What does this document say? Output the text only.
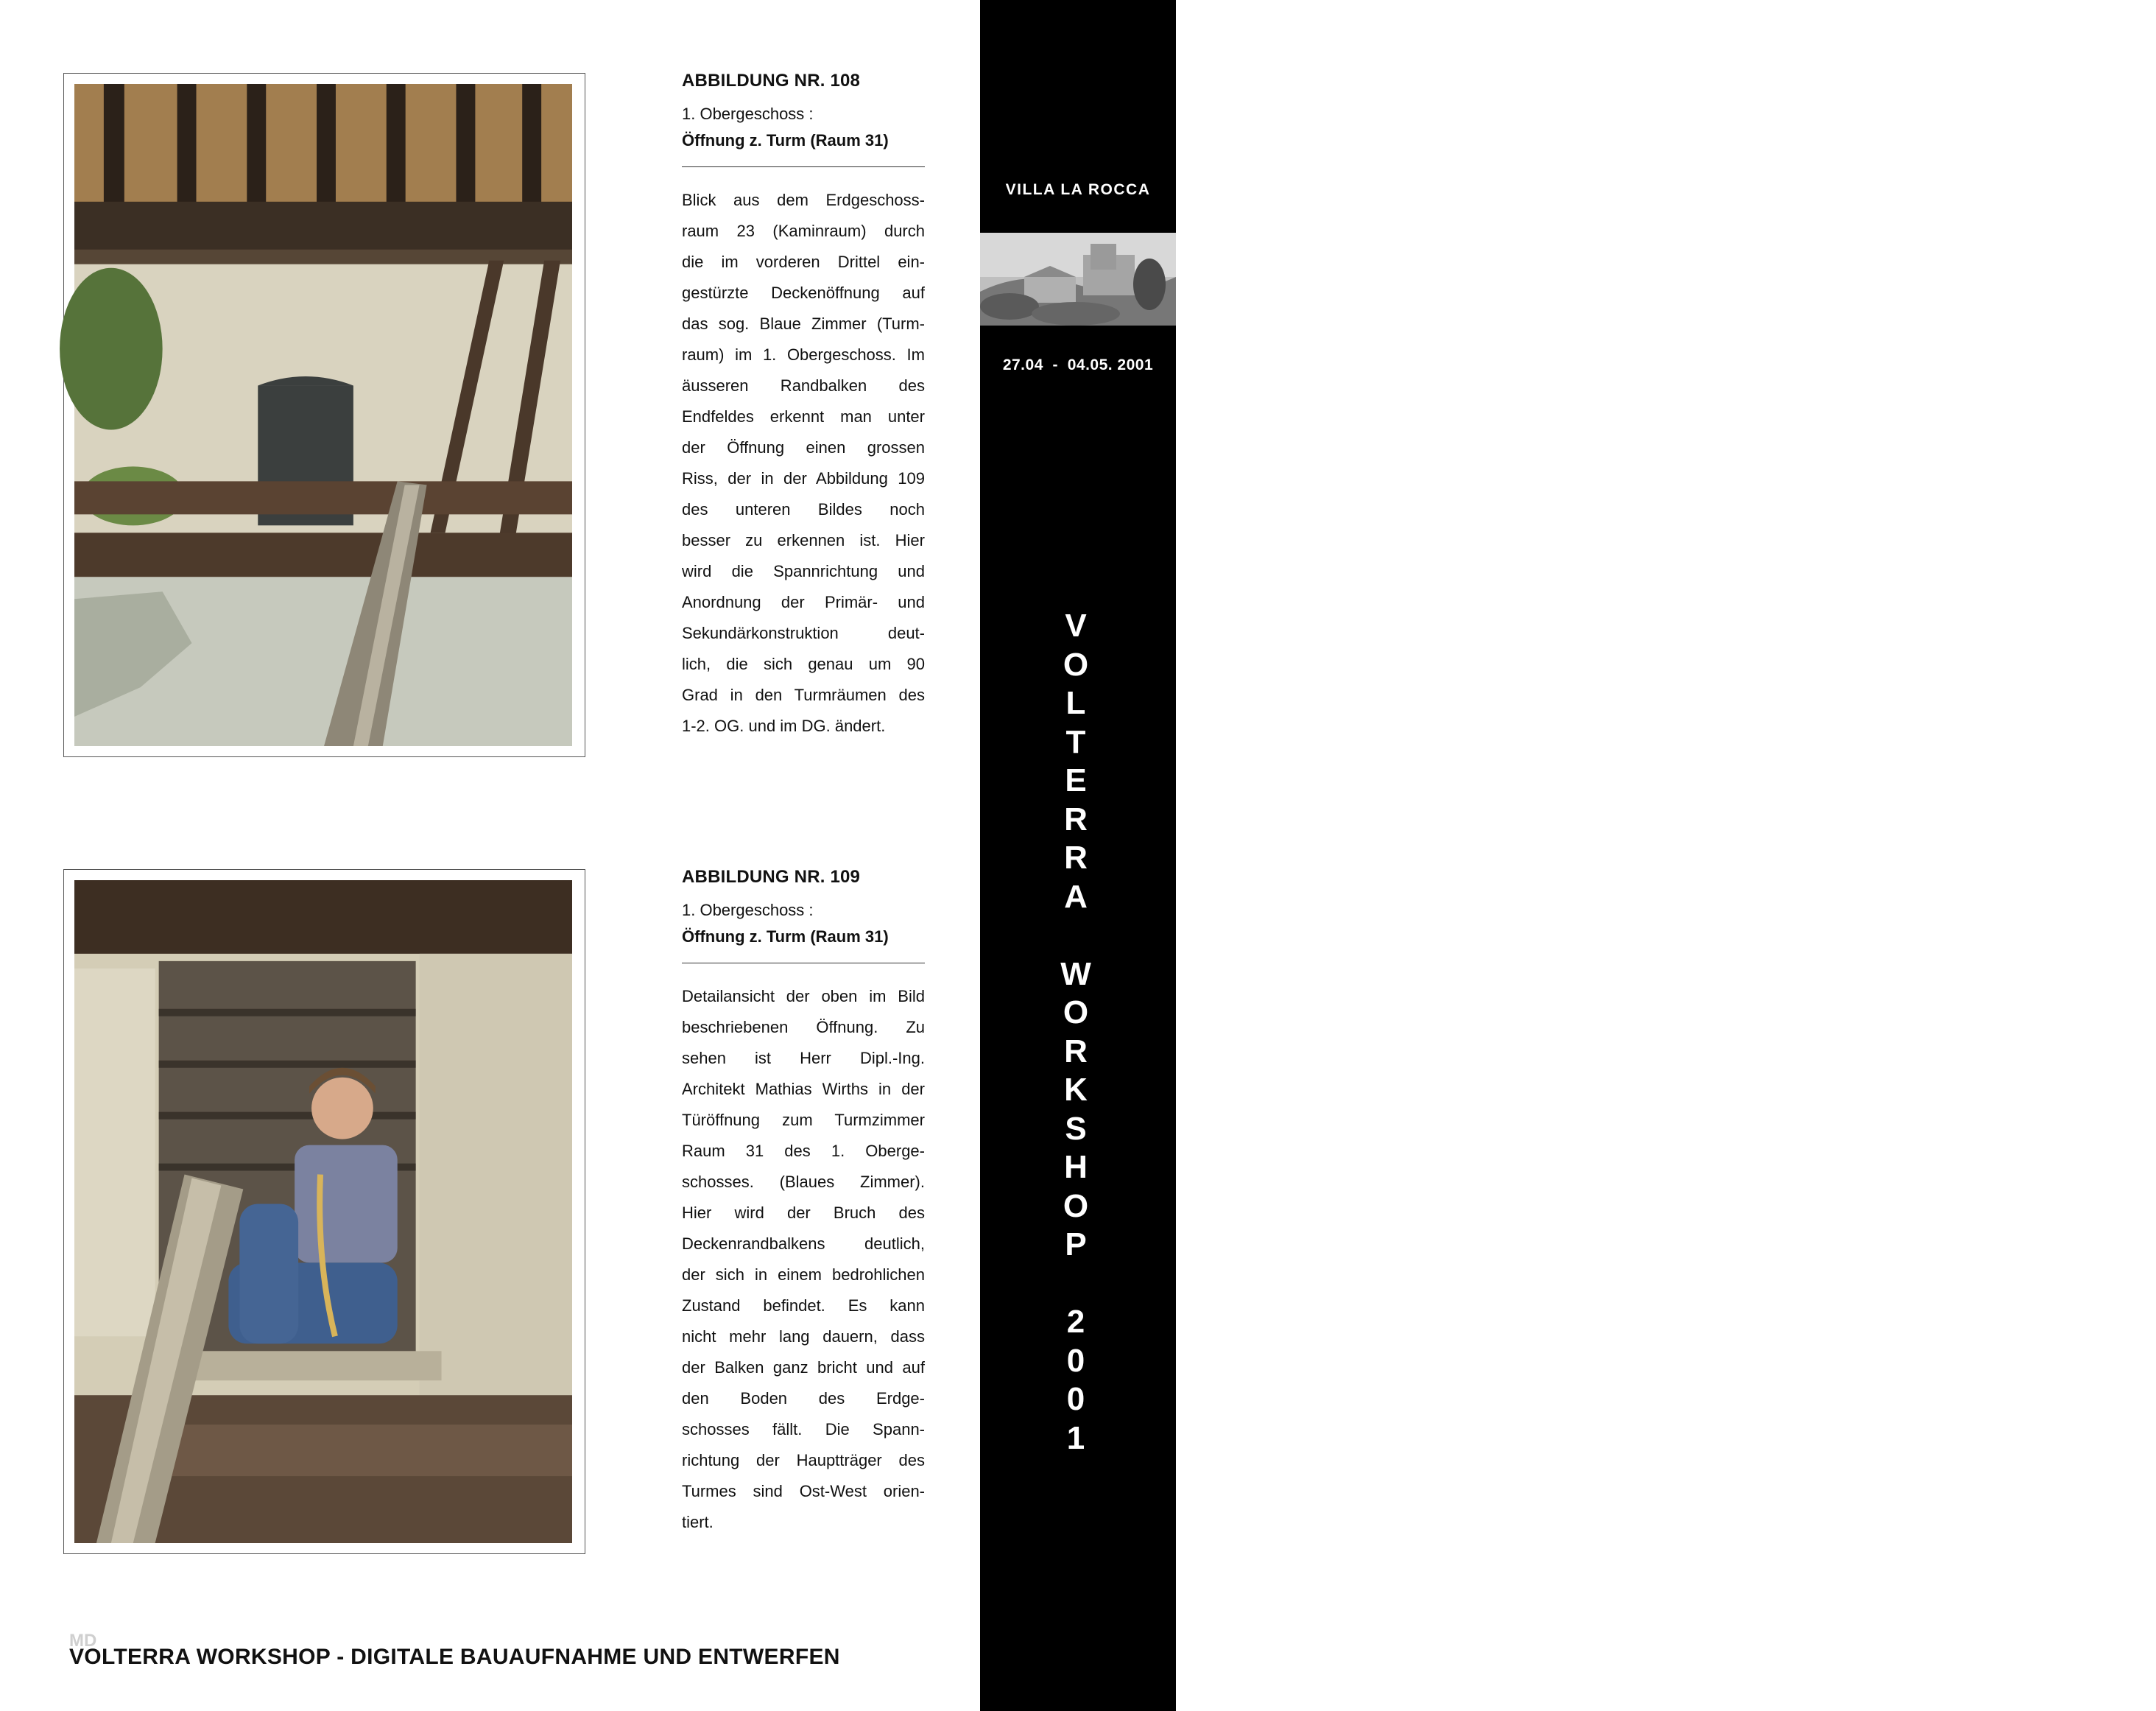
ABBILDUNG NR. 108
1. Obergeschoss :
Öffnung z. Turm (Raum 31)
Blick aus dem Erdgeschoss-
raum 23 (Kaminraum) durch
die im vorderen Drittel ein-
gestürzte Deckenöffnung auf
das sog. Blaue Zimmer (Turm-
raum) im 1. Obergeschoss. Im
äusseren Randbalken des
Endfeldes erkennt man unter
der Öffnung einen grossen
Riss, der in der Abbildung 109
des unteren Bildes noch
besser zu erkennen ist. Hier
wird die Spannrichtung und
Anordnung der Primär- und
Sekundärkonstruktion deut-
lich, die sich genau um 90
Grad in den Turmräumen des
1-2. OG. und im DG. ändert.
ABBILDUNG NR. 109
1. Obergeschoss :
Öffnung z. Turm (Raum 31)
Detailansicht der oben im Bild
beschriebenen Öffnung. Zu
sehen ist Herr Dipl.-Ing.
Architekt Mathias Wirths in der
Türöffnung zum Turmzimmer
Raum 31 des 1. Oberge-
schosses. (Blaues Zimmer).
Hier wird der Bruch des
Deckenrandbalkens deutlich,
der sich in einem bedrohlichen
Zustand befindet. Es kann
nicht mehr lang dauern, dass
der Balken ganz bricht und auf
den Boden des Erdge-
schosses fällt. Die Spann-
richtung der Hauptträger des
Turmes sind Ost-West orien-
tiert.
VILLA LA ROCCA
27.04  -  04.05. 2001
74
V
O
L
T
E
R
R
A

W
O
R
K
S
H
O
P

2
0
0
1
MD
VOLTERRA WORKSHOP - DIGITALE BAUAUFNAHME UND ENTWERFEN
